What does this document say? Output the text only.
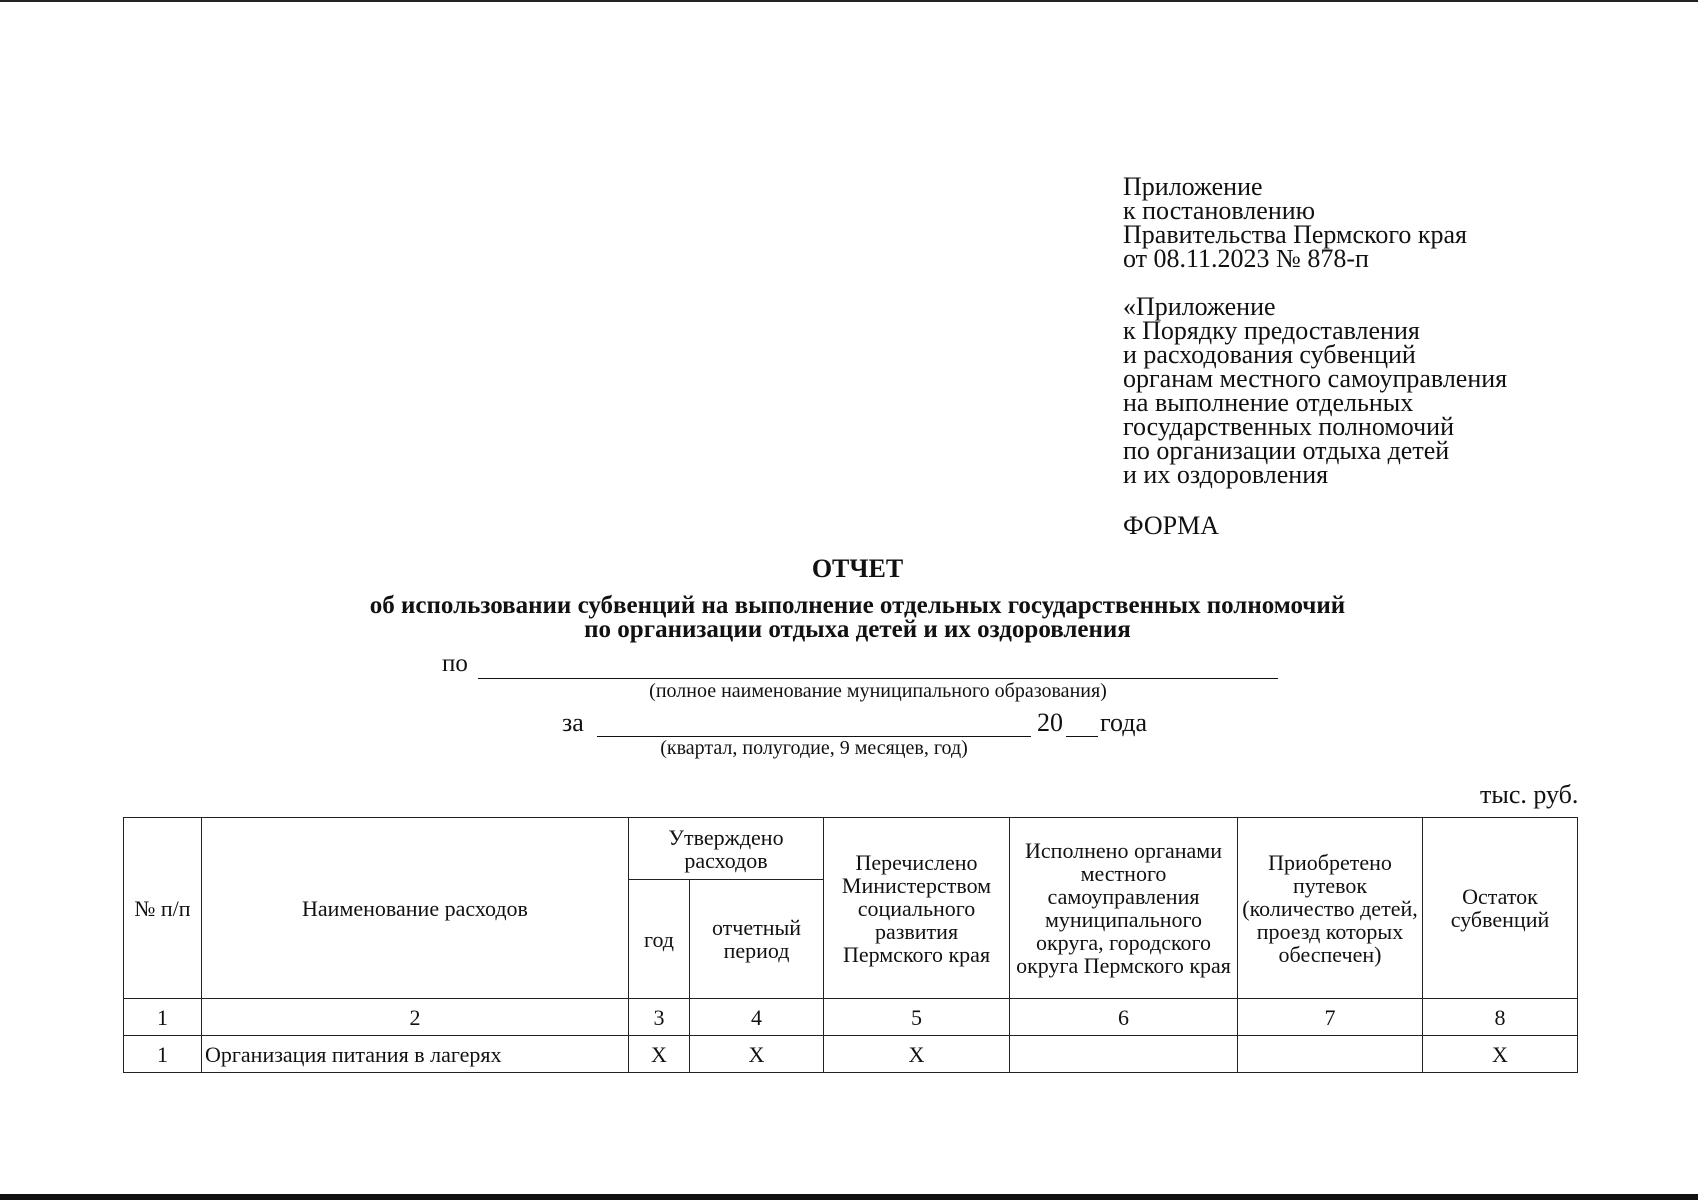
Приложение
к постановлению
Правительства Пермского края
от 08.11.2023 № 878-п
«Приложение
к Порядку предоставления
и расходования субвенций
органам местного самоуправления
на выполнение отдельных
государственных полномочий
по организации отдыха детей
и их оздоровления
ФОРМА
ОТЧЕТ
об использовании субвенций на выполнение отдельных государственных полномочий
по организации отдыха детей и их оздоровления
по
(полное наименование муниципального образования)
за	20 года
(квартал, полугодие, 9 месяцев, год)
тыс. руб.
№ п/п	Наименование расходов	Утверждено расходов		Перечислено Министерством социального развития Пермского края	Исполнено органами местного самоуправления муниципального округа, городского округа Пермского края	Приобретено путевок (количество детей, проезд которых обеспечен)	Остаток субвенций
		год	отчетный период				
1	2	3	4	5	6	7	8
1	Организация питания в лагерях	X	X	X			X
